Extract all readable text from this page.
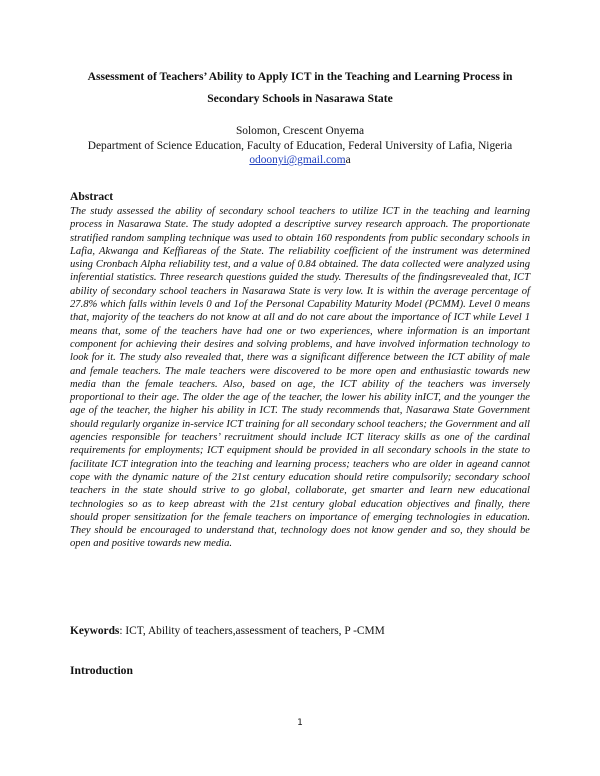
Assessment of Teachers’ Ability to Apply ICT in the Teaching and Learning Process in Secondary Schools in Nasarawa State
Solomon, Crescent Onyema
Department of Science Education, Faculty of Education, Federal University of Lafia, Nigeria
odoonyi@gmail.coma
Abstract
The study assessed the ability of secondary school teachers to utilize ICT in the teaching and learning process in Nasarawa State. The study adopted a descriptive survey research approach. The proportionate stratified random sampling technique was used to obtain 160 respondents from public secondary schools in Lafia, Akwanga and Keffiareas of the State. The reliability coefficient of the instrument was determined using Cronbach Alpha reliability test, and a value of 0.84 obtained. The data collected were analyzed using inferential statistics. Three research questions guided the study. Theresults of the findingsrevealed that, ICT ability of secondary school teachers in Nasarawa State is very low. It is within the average percentage of 27.8% which falls within levels 0 and 1of the Personal Capability Maturity Model (PCMM). Level 0 means that, majority of the teachers do not know at all and do not care about the importance of ICT while Level 1 means that, some of the teachers have had one or two experiences, where information is an important component for achieving their desires and solving problems, and have involved information technology to look for it. The study also revealed that, there was a significant difference between the ICT ability of male and female teachers. The male teachers were discovered to be more open and enthusiastic towards new media than the female teachers. Also, based on age, the ICT ability of the teachers was inversely proportional to their age. The older the age of the teacher, the lower his ability inICT, and the younger the age of the teacher, the higher his ability in ICT. The study recommends that, Nasarawa State Government should regularly organize in-service ICT training for all secondary school teachers; the Government and all agencies responsible for teachers’ recruitment should include ICT literacy skills as one of the cardinal requirements for employments; ICT equipment should be provided in all secondary schools in the state to facilitate ICT integration into the teaching and learning process; teachers who are older in ageand cannot cope with the dynamic nature of the 21st century education should retire compulsorily; secondary school teachers in the state should strive to go global, collaborate, get smarter and learn new educational technologies so as to keep abreast with the 21st century global education objectives and finally, there should proper sensitization for the female teachers on importance of emerging technologies in education. They should be encouraged to understand that, technology does not know gender and so, they should be open and positive towards new media.
Keywords: ICT, Ability of teachers,assessment of teachers, P -CMM
Introduction
1
